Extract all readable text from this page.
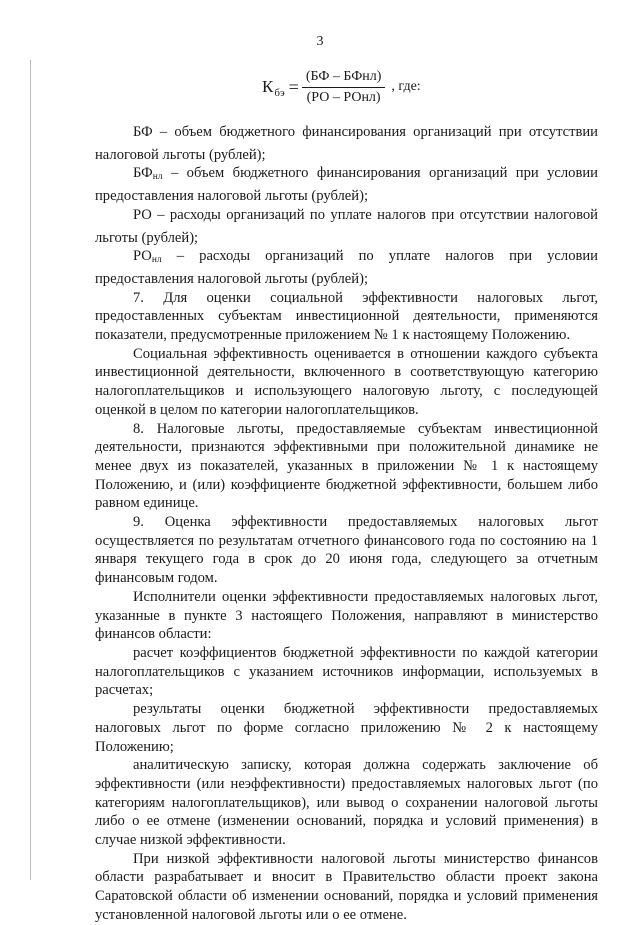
3
К бэ = $\frac{\text{(БФ – БФнл)}}{\text{(РО – РОнл)}}$ , где:

БФ – объем бюджетного финансирования организаций при отсутствии налоговой льготы (рублей);

$БФ_{нл}$ – объем бюджетного финансирования организаций при условии предоставления налоговой льготы (рублей);

РО – расходы организаций по уплате налогов при отсутствии налоговой льготы (рублей);

$РО_{нл}$ – расходы организаций по уплате налогов при условии предоставления налоговой льготы (рублей);

7. Для оценки социальной эффективности налоговых льгот, предоставленных субъектам инвестиционной деятельности, применяются показатели, предусмотренные приложением № 1 к настоящему Положению.

Социальная эффективность оценивается в отношении каждого субъекта инвестиционной деятельности, включенного в соответствующую категорию налогоплательщиков и использующего налоговую льготу, с последующей оценкой в целом по категории налогоплательщиков.

8. Налоговые льготы, предоставляемые субъектам инвестиционной деятельности, признаются эффективными при положительной динамике не менее двух из показателей, указанных в приложении № 1 к настоящему Положению, и (или) коэффициенте бюджетной эффективности, большем либо равном единице.

9. Оценка эффективности предоставляемых налоговых льгот осуществляется по результатам отчетного финансового года по состоянию на 1 января текущего года в срок до 20 июня года, следующего за отчетным финансовым годом.

Исполнители оценки эффективности предоставляемых налоговых льгот, указанные в пункте 3 настоящего Положения, направляют в министерство финансов области:

расчет коэффициентов бюджетной эффективности по каждой категории налогоплательщиков с указанием источников информации, используемых в расчетах;

результаты оценки бюджетной эффективности предоставляемых налоговых льгот по форме согласно приложению № 2 к настоящему Положению;

аналитическую записку, которая должна содержать заключение об эффективности (или неэффективности) предоставляемых налоговых льгот (по категориям налогоплательщиков), или вывод о сохранении налоговой льготы либо о ее отмене (изменении оснований, порядка и условий применения) в случае низкой эффективности.

При низкой эффективности налоговой льготы министерство финансов области разрабатывает и вносит в Правительство области проект закона Саратовской области об изменении оснований, порядка и условий применения установленной налоговой льготы или о ее отмене.
